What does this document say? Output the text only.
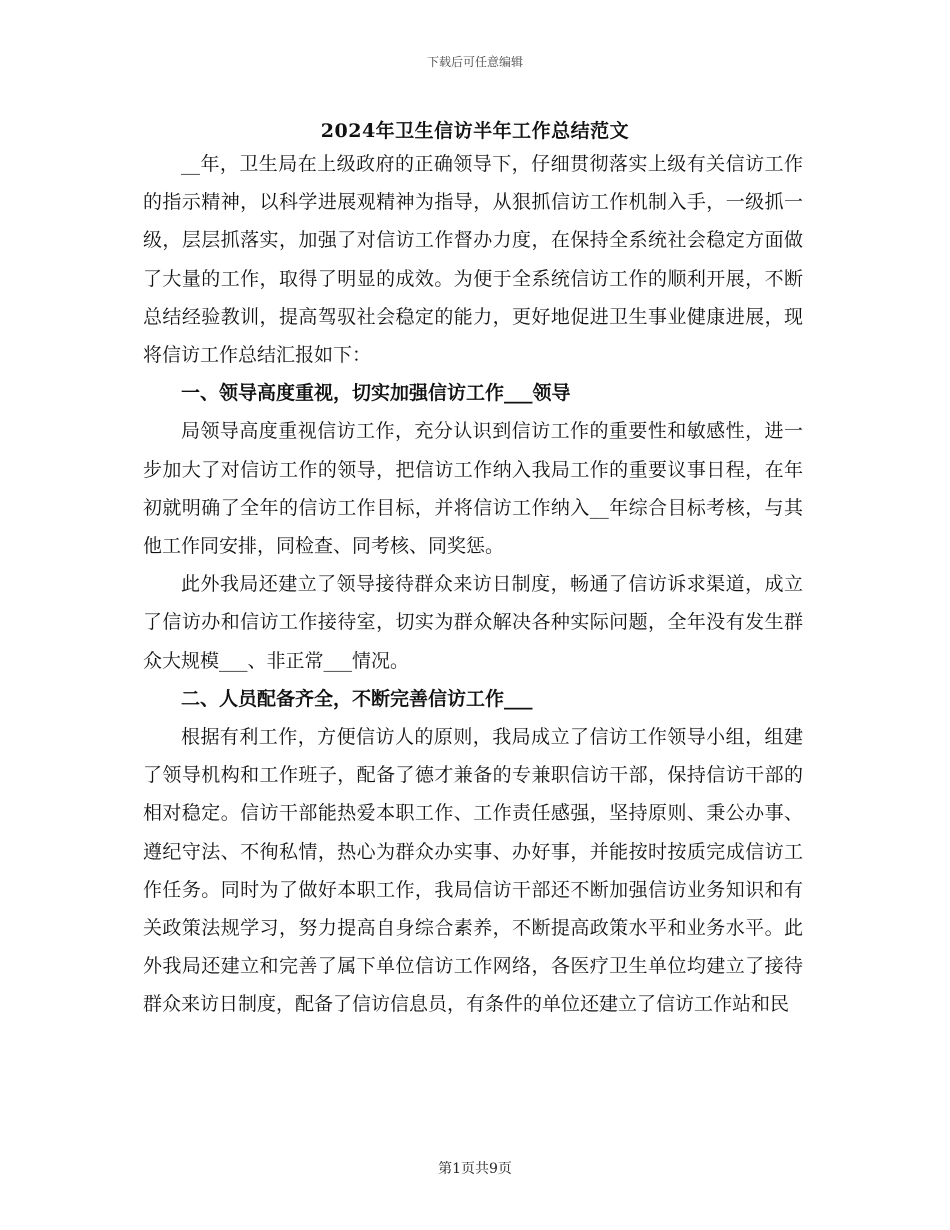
下载后可任意编辑
2024年卫生信访半年工作总结范文

__年，卫生局在上级政府的正确领导下，仔细贯彻落实上级有关信访工作的指示精神，以科学进展观精神为指导，从狠抓信访工作机制入手，一级抓一级，层层抓落实，加强了对信访工作督办力度，在保持全系统社会稳定方面做了大量的工作，取得了明显的成效。为便于全系统信访工作的顺利开展，不断总结经验教训，提高驾驭社会稳定的能力，更好地促进卫生事业健康进展，现将信访工作总结汇报如下：

一、领导高度重视，切实加强信访工作___领导

局领导高度重视信访工作，充分认识到信访工作的重要性和敏感性，进一步加大了对信访工作的领导，把信访工作纳入我局工作的重要议事日程，在年初就明确了全年的信访工作目标，并将信访工作纳入__年综合目标考核，与其他工作同安排，同检查、同考核、同奖惩。

此外我局还建立了领导接待群众来访日制度，畅通了信访诉求渠道，成立了信访办和信访工作接待室，切实为群众解决各种实际问题，全年没有发生群众大规模___、非正常___情况。

二、人员配备齐全，不断完善信访工作___

根据有利工作，方便信访人的原则，我局成立了信访工作领导小组，组建了领导机构和工作班子，配备了德才兼备的专兼职信访干部，保持信访干部的相对稳定。信访干部能热爱本职工作、工作责任感强，坚持原则、秉公办事、遵纪守法、不徇私情，热心为群众办实事、办好事，并能按时按质完成信访工作任务。同时为了做好本职工作，我局信访干部还不断加强信访业务知识和有关政策法规学习，努力提高自身综合素养，不断提高政策水平和业务水平。此外我局还建立和完善了属下单位信访工作网络，各医疗卫生单位均建立了接待群众来访日制度，配备了信访信息员，有条件的单位还建立了信访工作站和民

第1页共9页
